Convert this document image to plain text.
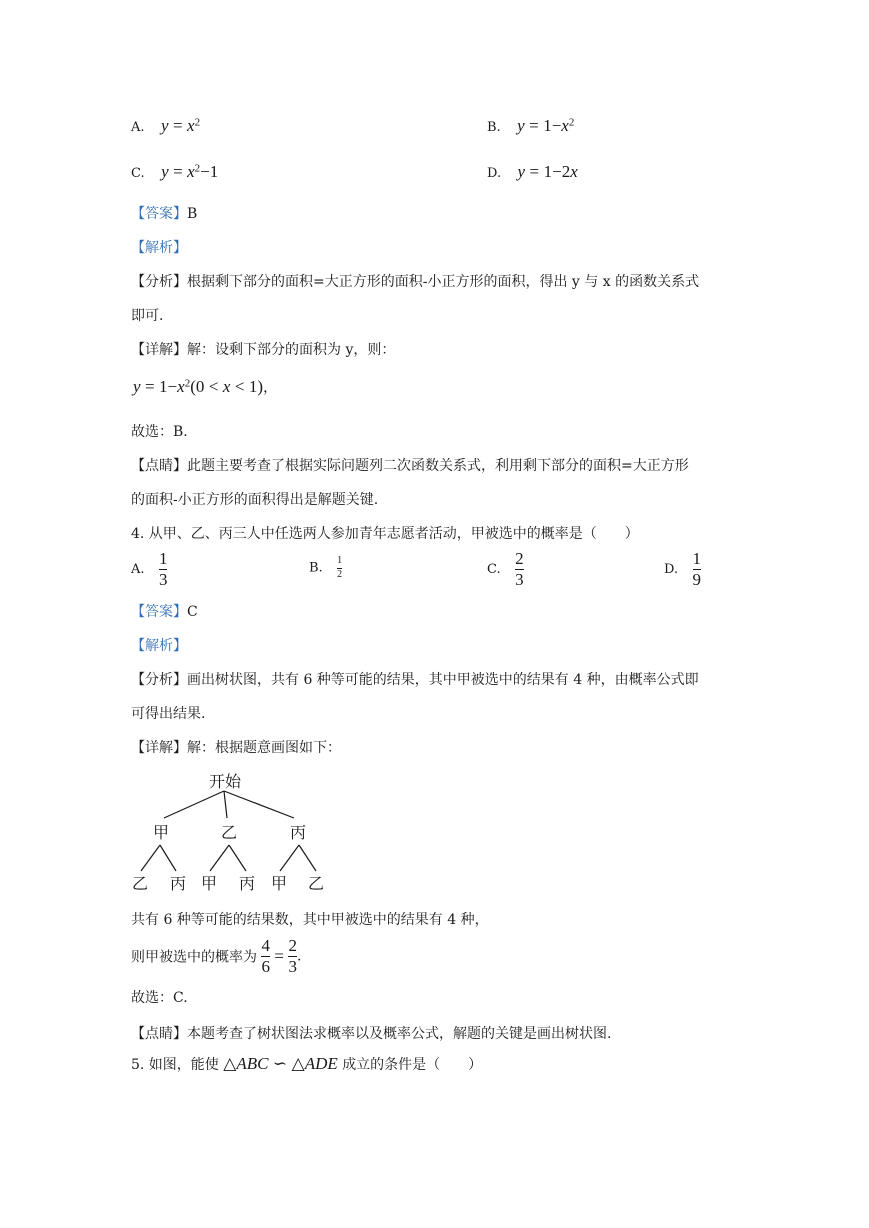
A. $y = x^2$	B. $y = 1-x^2$
C. $y = x^2-1$	D. y = 1−2x
【答案】B
【解析】
【分析】根据剩下部分的面积=大正方形的面积-小正方形的面积，得出 y 与 x 的函数关系式
即可.
【详解】解：设剩下部分的面积为 y，则：
$y = 1-x^2(0 < x < 1)$，
故选：B.
【点睛】此题主要考查了根据实际问题列二次函数关系式，利用剩下部分的面积=大正方形
的面积-小正方形的面积得出是解题关键.
4. 从甲、乙、丙三人中任选两人参加青年志愿者活动，甲被选中的概率是（　　）
A. $\frac{1}{3}$	B. $\frac{1}{2}$	C. $\frac{2}{3}$	D. $\frac{1}{9}$
【答案】C
【解析】
【分析】画出树状图，共有 6 种等可能的结果，其中甲被选中的结果有 4 种，由概率公式即
可得出结果.
【详解】解：根据题意画图如下：
开始
甲	乙	丙
乙 丙 甲 丙 甲 乙
共有 6 种等可能的结果数，其中甲被选中的结果有 4 种，
则甲被选中的概率为 $\frac{4}{6} = \frac{2}{3}$ .
故选：C.
【点睛】本题考查了树状图法求概率以及概率公式，解题的关键是画出树状图.
5. 如图，能使 △ABC ∽ △ADE 成立的条件是（　　）
